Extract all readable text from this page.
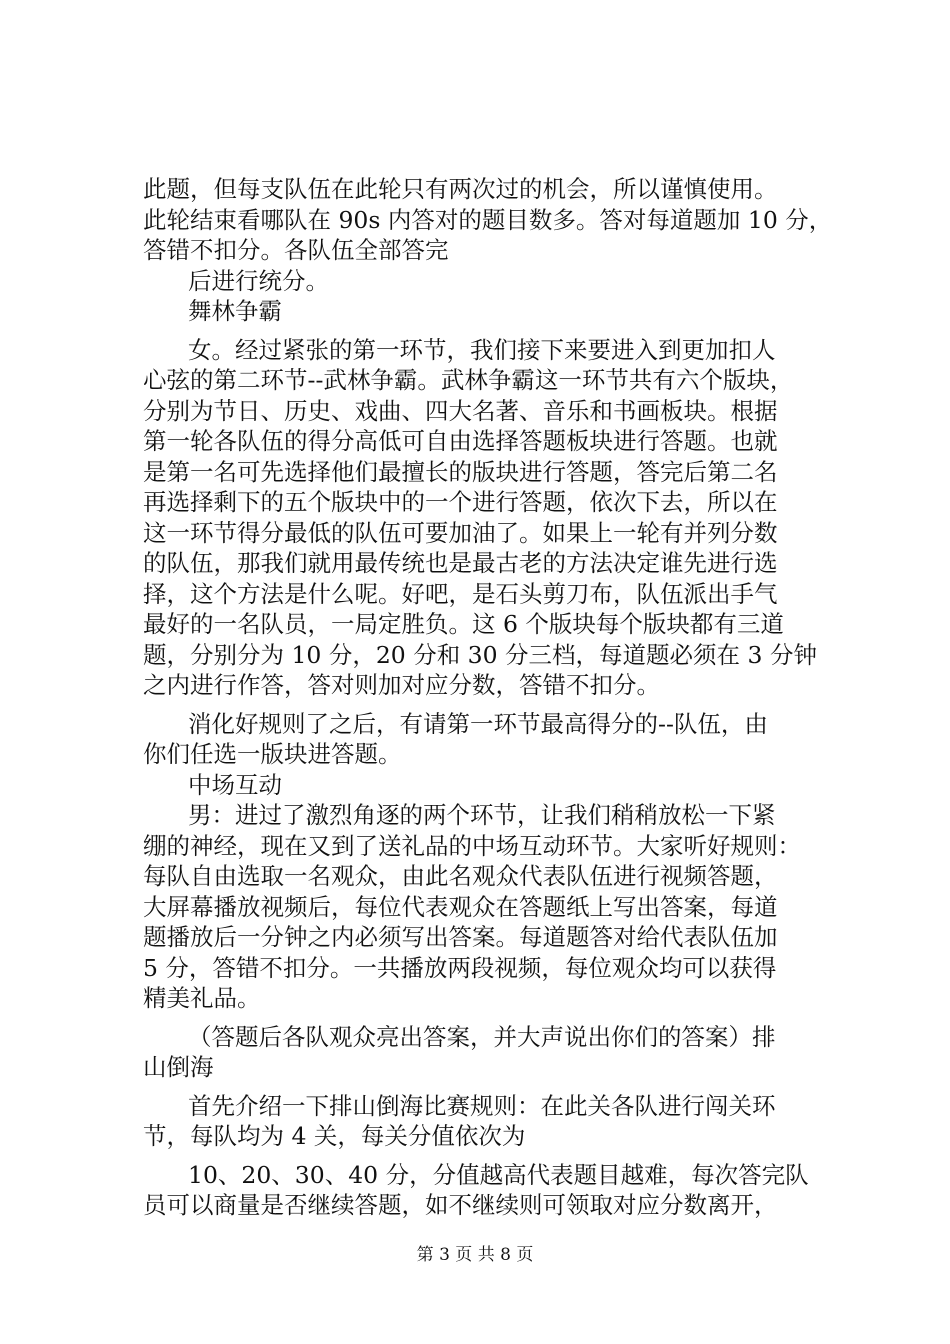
此题，但每支队伍在此轮只有两次过的机会，所以谨慎使用。
此轮结束看哪队在 90s 内答对的题目数多。答对每道题加 10 分，
答错不扣分。各队伍全部答完
后进行统分。
舞林争霸
女。经过紧张的第一环节，我们接下来要进入到更加扣人
心弦的第二环节--武林争霸。武林争霸这一环节共有六个版块，
分别为节日、历史、戏曲、四大名著、音乐和书画板块。根据
第一轮各队伍的得分高低可自由选择答题板块进行答题。也就
是第一名可先选择他们最擅长的版块进行答题，答完后第二名
再选择剩下的五个版块中的一个进行答题，依次下去，所以在
这一环节得分最低的队伍可要加油了。如果上一轮有并列分数
的队伍，那我们就用最传统也是最古老的方法决定谁先进行选
择，这个方法是什么呢。好吧，是石头剪刀布，队伍派出手气
最好的一名队员，一局定胜负。这 6 个版块每个版块都有三道
题，分别分为 10 分，20 分和 30 分三档，每道题必须在 3 分钟
之内进行作答，答对则加对应分数，答错不扣分。
消化好规则了之后，有请第一环节最高得分的--队伍，由
你们任选一版块进答题。
中场互动
男：进过了激烈角逐的两个环节，让我们稍稍放松一下紧
绷的神经，现在又到了送礼品的中场互动环节。大家听好规则：
每队自由选取一名观众，由此名观众代表队伍进行视频答题，
大屏幕播放视频后，每位代表观众在答题纸上写出答案，每道
题播放后一分钟之内必须写出答案。每道题答对给代表队伍加
5 分，答错不扣分。一共播放两段视频，每位观众均可以获得
精美礼品。
（答题后各队观众亮出答案，并大声说出你们的答案）排
山倒海
首先介绍一下排山倒海比赛规则：在此关各队进行闯关环
节，每队均为 4 关，每关分值依次为
10、20、30、40 分，分值越高代表题目越难，每次答完队
员可以商量是否继续答题，如不继续则可领取对应分数离开，
第 3 页 共 8 页
